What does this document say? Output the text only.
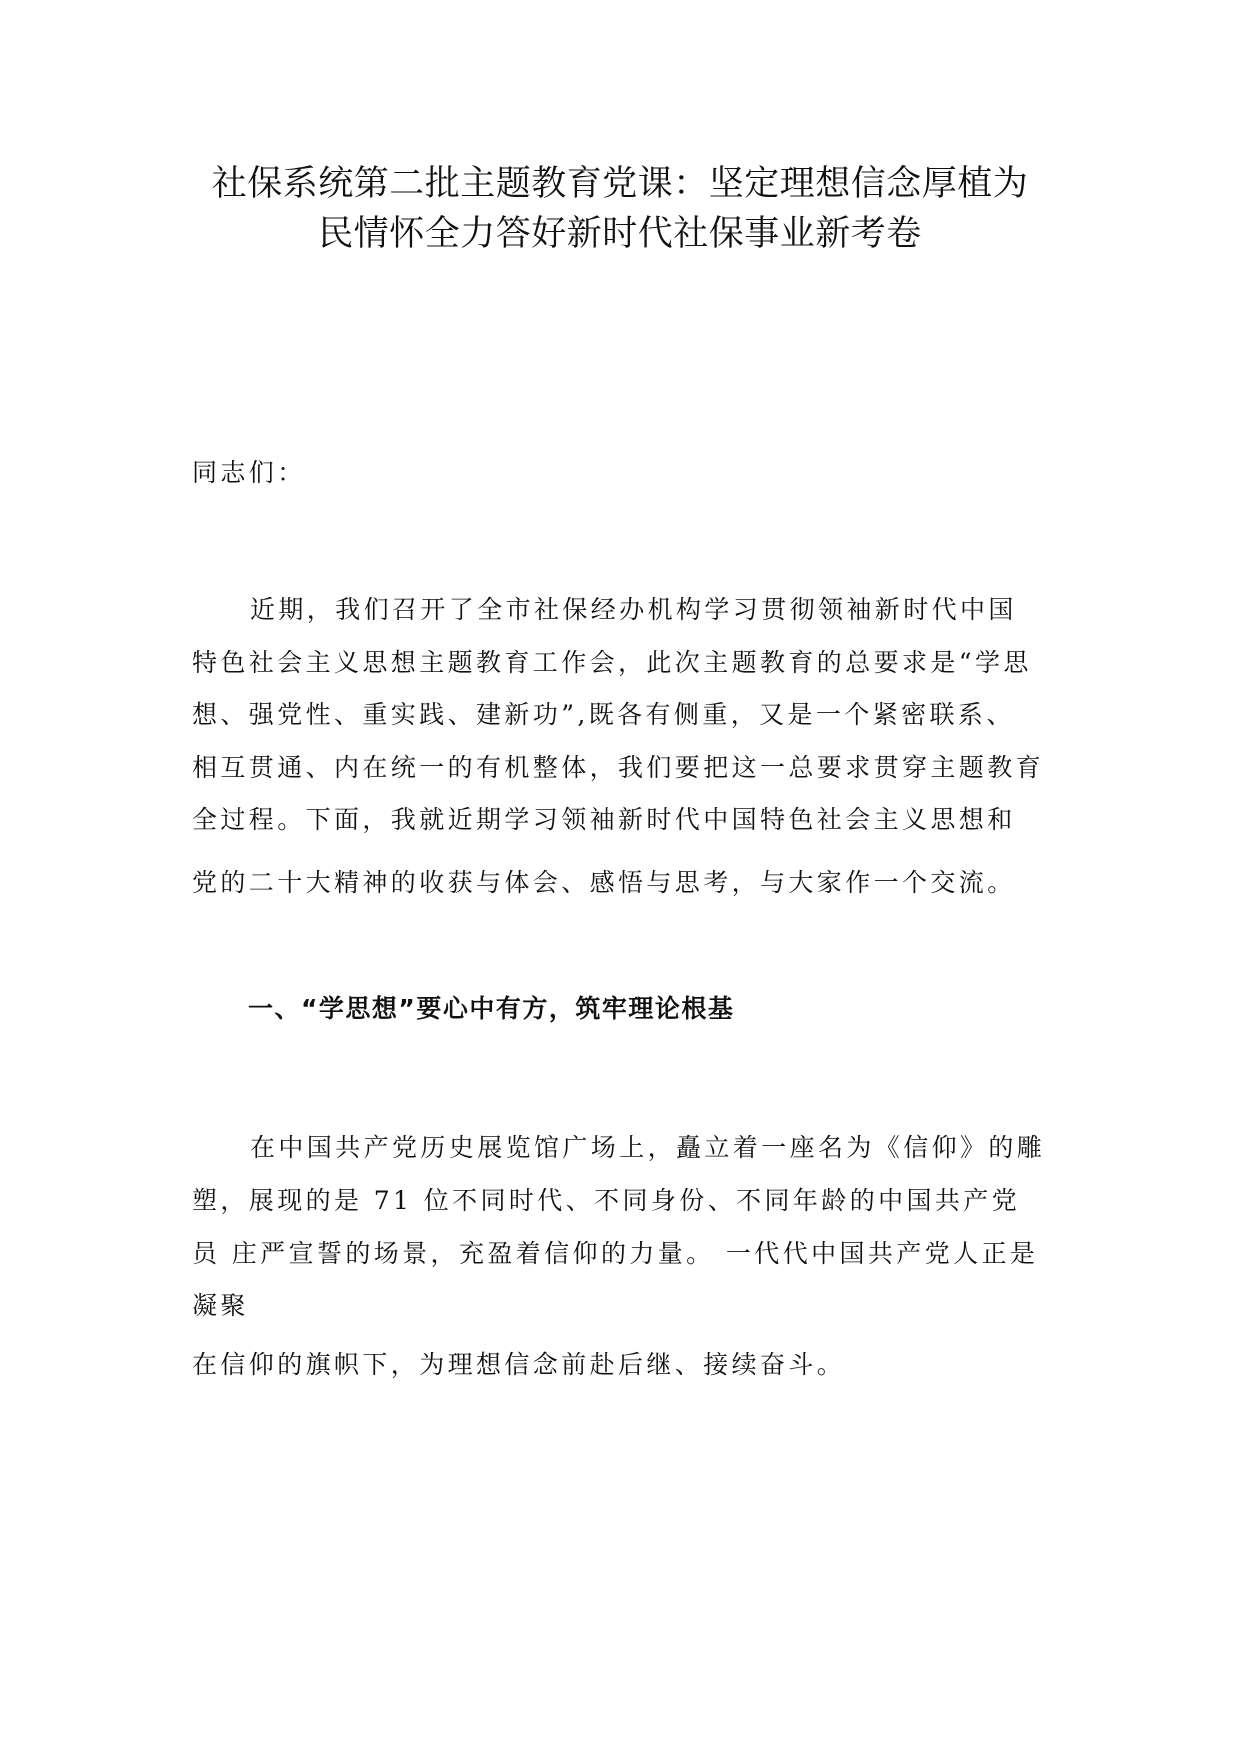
社保系统第二批主题教育党课：坚定理想信念厚植为
民情怀全力答好新时代社保事业新考卷
同志们：
近期，我们召开了全市社保经办机构学习贯彻领袖新时代中国
特色社会主义思想主题教育工作会，此次主题教育的总要求是“学思
想、强党性、重实践、建新功”,既各有侧重，又是一个紧密联系、
相互贯通、内在统一的有机整体，我们要把这一总要求贯穿主题教育
全过程。下面，我就近期学习领袖新时代中国特色社会主义思想和
党的二十大精神的收获与体会、感悟与思考，与大家作一个交流。
一、“学思想”要心中有方，筑牢理论根基
在中国共产党历史展览馆广场上，矗立着一座名为《信仰》的雕
塑，展现的是 71 位不同时代、不同身份、不同年龄的中国共产党
员 庄严宣誓的场景，充盈着信仰的力量。 一代代中国共产党人正是
凝聚
在信仰的旗帜下，为理想信念前赴后继、接续奋斗。
